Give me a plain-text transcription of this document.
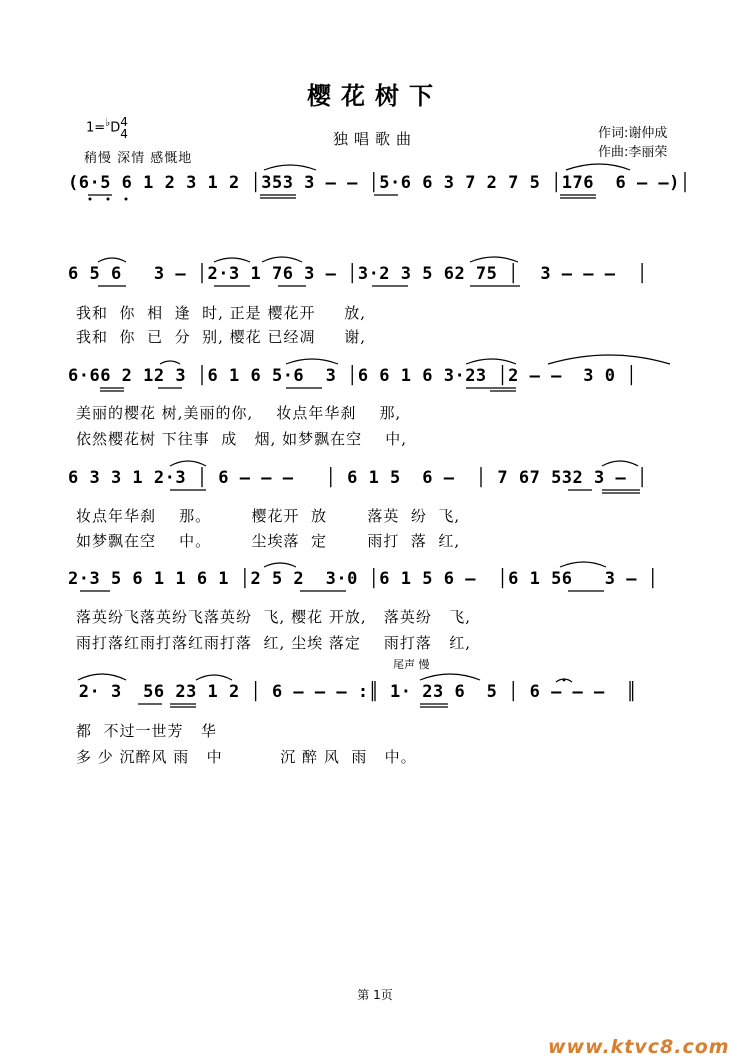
樱花树下
独唱歌曲
1=♭D4
4
稍慢 深情 感慨地
作词:谢仲成
作曲:李丽荣
(6·5 6 1 2 3 1 2 │353 3 – – │5·6 6 3 7 2 7 5 │176  6 – –)│
6 5 6   3 – │2·3 1 76 3 – │3·2 3 5 62 75 │  3 – – –  │
我和  你  相  逢  时, 正是 樱花开     放,
我和  你  已  分  别, 樱花 已经凋     谢,
6·66 2 12 3 │6 1 6 5·6  3 │6 6 1 6 3·23 │2 – –  3 0 │
美丽的樱花 树,美丽的你,    妆点年华刹    那,
依然樱花树 下往事  成   烟, 如梦飘在空    中,
6 3 3 1 2·3 │ 6 – – –   │ 6 1 5  6 –  │ 7 67 532 3 – │
妆点年华刹    那。       樱花开  放       落英  纷  飞,
如梦飘在空    中。       尘埃落  定       雨打  落  红,
2·3 5 6 1 1 6 1 │2 5 2  3·0 │6 1 5 6 –  │6 1 56   3 – │
落英纷飞落英纷飞落英纷  飞, 樱花 开放,   落英纷   飞,
雨打落红雨打落红雨打落  红, 尘埃 落定    雨打落   红,
尾声 慢
2· 3  56 23 1 2 │ 6 – – – :║ 1· 23 6  5 │ 6 – – –  ║
都  不过一世芳   华
多 少 沉醉风 雨   中          沉 醉 风  雨   中。
第 1页
www.ktvc8.com
